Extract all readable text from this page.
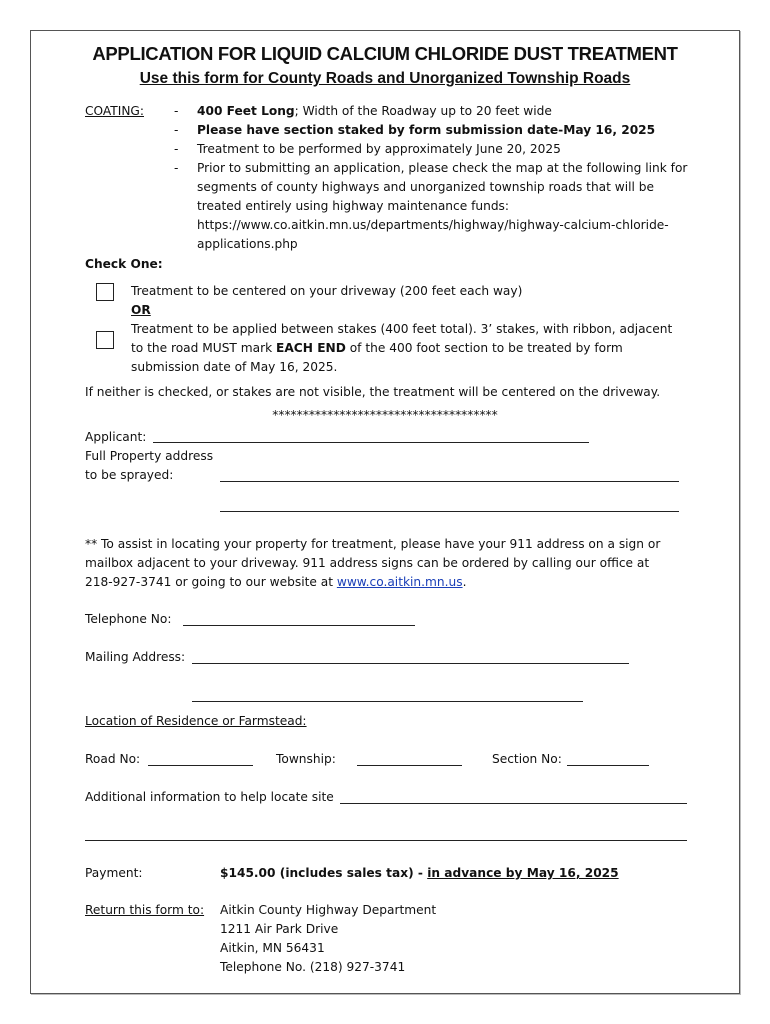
APPLICATION FOR LIQUID CALCIUM CHLORIDE DUST TREATMENT
Use this form for County Roads and Unorganized Township Roads
COATING: - 400 Feet Long; Width of the Roadway up to 20 feet wide
- Please have section staked by form submission date-May 16, 2025
- Treatment to be performed by approximately June 20, 2025
- Prior to submitting an application, please check the map at the following link for
segments of county highways and unorganized township roads that will be
treated entirely using highway maintenance funds:
https://www.co.aitkin.mn.us/departments/highway/highway-calcium-chloride-
applications.php
Check One:
Treatment to be centered on your driveway (200 feet each way)
OR
Treatment to be applied between stakes (400 feet total). 3’ stakes, with ribbon, adjacent
to the road MUST mark EACH END of the 400 foot section to be treated by form
submission date of May 16, 2025.
If neither is checked, or stakes are not visible, the treatment will be centered on the driveway.
*************************************
Applicant:
Full Property address
to be sprayed:
** To assist in locating your property for treatment, please have your 911 address on a sign or
mailbox adjacent to your driveway. 911 address signs can be ordered by calling our office at
218-927-3741 or going to our website at www.co.aitkin.mn.us.
Telephone No:
Mailing Address:
Location of Residence or Farmstead:
Road No:	Township:	Section No:
Additional information to help locate site
Payment:	$145.00 (includes sales tax) - in advance by May 16, 2025
Return this form to: Aitkin County Highway Department
1211 Air Park Drive
Aitkin, MN 56431
Telephone No. (218) 927-3741
